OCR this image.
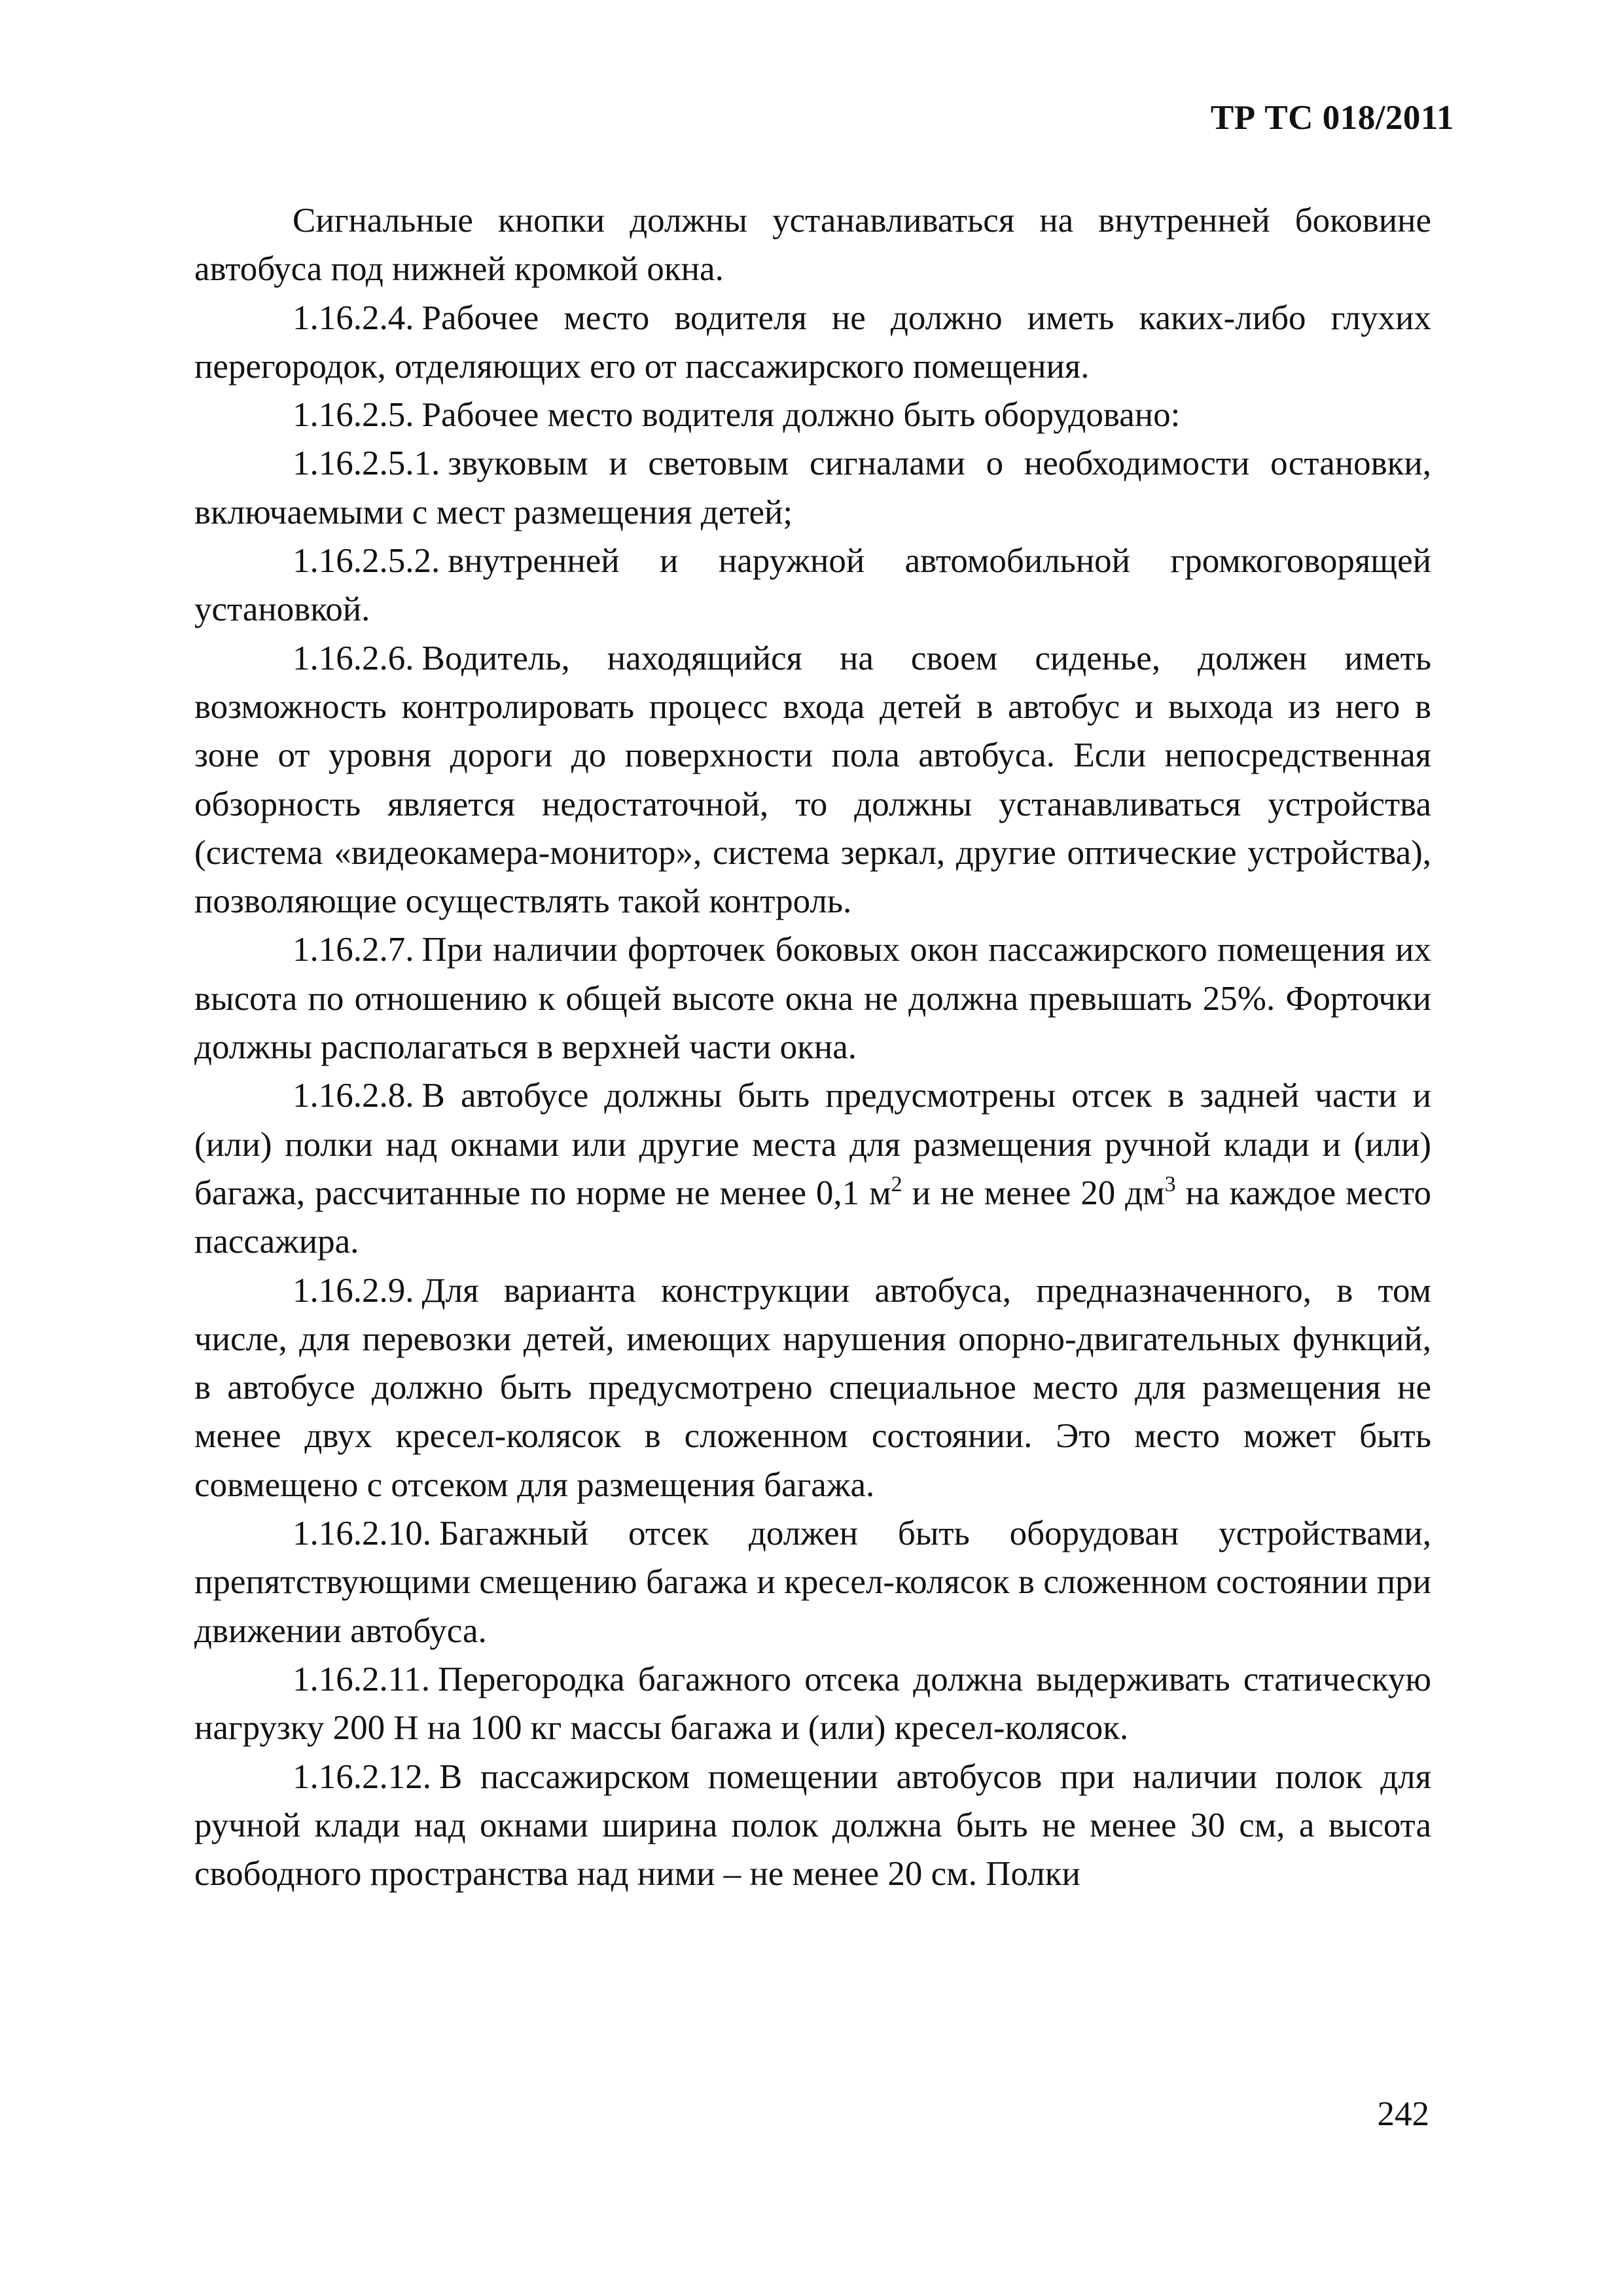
ТР ТС 018/2011

Сигнальные кнопки должны устанавливаться на внутренней боковине автобуса под нижней кромкой окна.

1.16.2.4. Рабочее место водителя не должно иметь каких-либо глухих перегородок, отделяющих его от пассажирского помещения.

1.16.2.5. Рабочее место водителя должно быть оборудовано:

1.16.2.5.1. звуковым и световым сигналами о необходимости остановки, включаемыми с мест размещения детей;

1.16.2.5.2. внутренней и наружной автомобильной громкоговорящей установкой.

1.16.2.6. Водитель, находящийся на своем сиденье, должен иметь возможность контролировать процесс входа детей в автобус и выхода из него в зоне от уровня дороги до поверхности пола автобуса. Если непосредственная обзорность является недостаточной, то должны устанавливаться устройства (система «видеокамера-монитор», система зеркал, другие оптические устройства), позволяющие осуществлять такой контроль.

1.16.2.7. При наличии форточек боковых окон пассажирского помещения их высота по отношению к общей высоте окна не должна превышать 25%. Форточки должны располагаться в верхней части окна.

1.16.2.8. В автобусе должны быть предусмотрены отсек в задней части и (или) полки над окнами или другие места для размещения ручной клади и (или) багажа, рассчитанные по норме не менее 0,1 $м^2$ и не менее 20 $дм^3$ на каждое место пассажира.

1.16.2.9. Для варианта конструкции автобуса, предназначенного, в том числе, для перевозки детей, имеющих нарушения опорно-двигательных функций, в автобусе должно быть предусмотрено специальное место для размещения не менее двух кресел-колясок в сложенном состоянии. Это место может быть совмещено с отсеком для размещения багажа.

1.16.2.10. Багажный отсек должен быть оборудован устройствами, препятствующими смещению багажа и кресел-колясок в сложенном состоянии при движении автобуса.

1.16.2.11. Перегородка багажного отсека должна выдерживать статическую нагрузку 200 Н на 100 кг массы багажа и (или) кресел-колясок.

1.16.2.12. В пассажирском помещении автобусов при наличии полок для ручной клади над окнами ширина полок должна быть не менее 30 см, а высота свободного пространства над ними – не менее 20 см. Полки

242
